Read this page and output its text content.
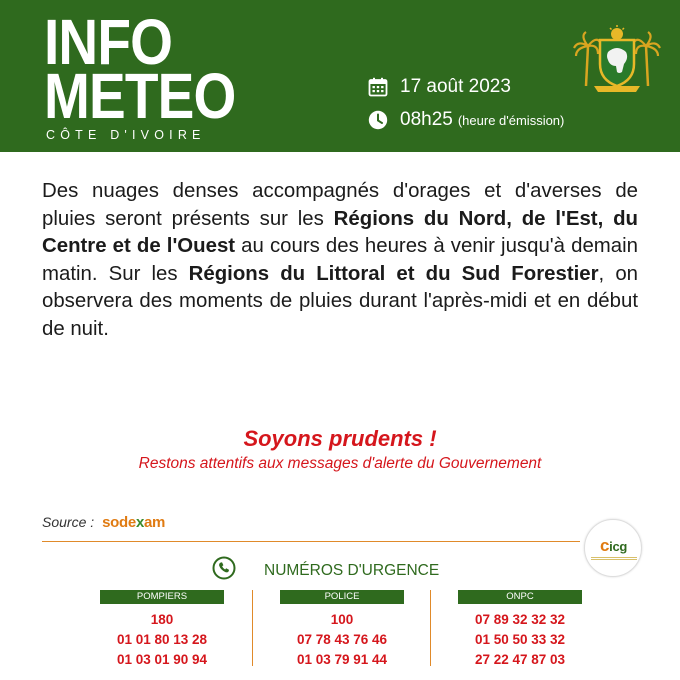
INFO
METEO
CÔTE D'IVOIRE
17 août 2023
08h25 (heure d'émission)
Des nuages denses accompagnés d'orages et d'averses de pluies seront présents sur les Régions du Nord, de l'Est, du Centre et de l'Ouest au cours des heures à venir jusqu'à demain matin. Sur les Régions du Littoral et du Sud Forestier, on observera des moments de pluies durant l'après-midi et en début de nuit.
Soyons prudents !
Restons attentifs aux messages d'alerte du Gouvernement
Source : sodexam
cicg
NUMÉROS D'URGENCE
POMPIERS
180
01 01 80 13 28
01 03 01 90 94
POLICE
100
07 78 43 76 46
01 03 79 91 44
ONPC
07 89 32 32 32
01 50 50 33 32
27 22 47 87 03
